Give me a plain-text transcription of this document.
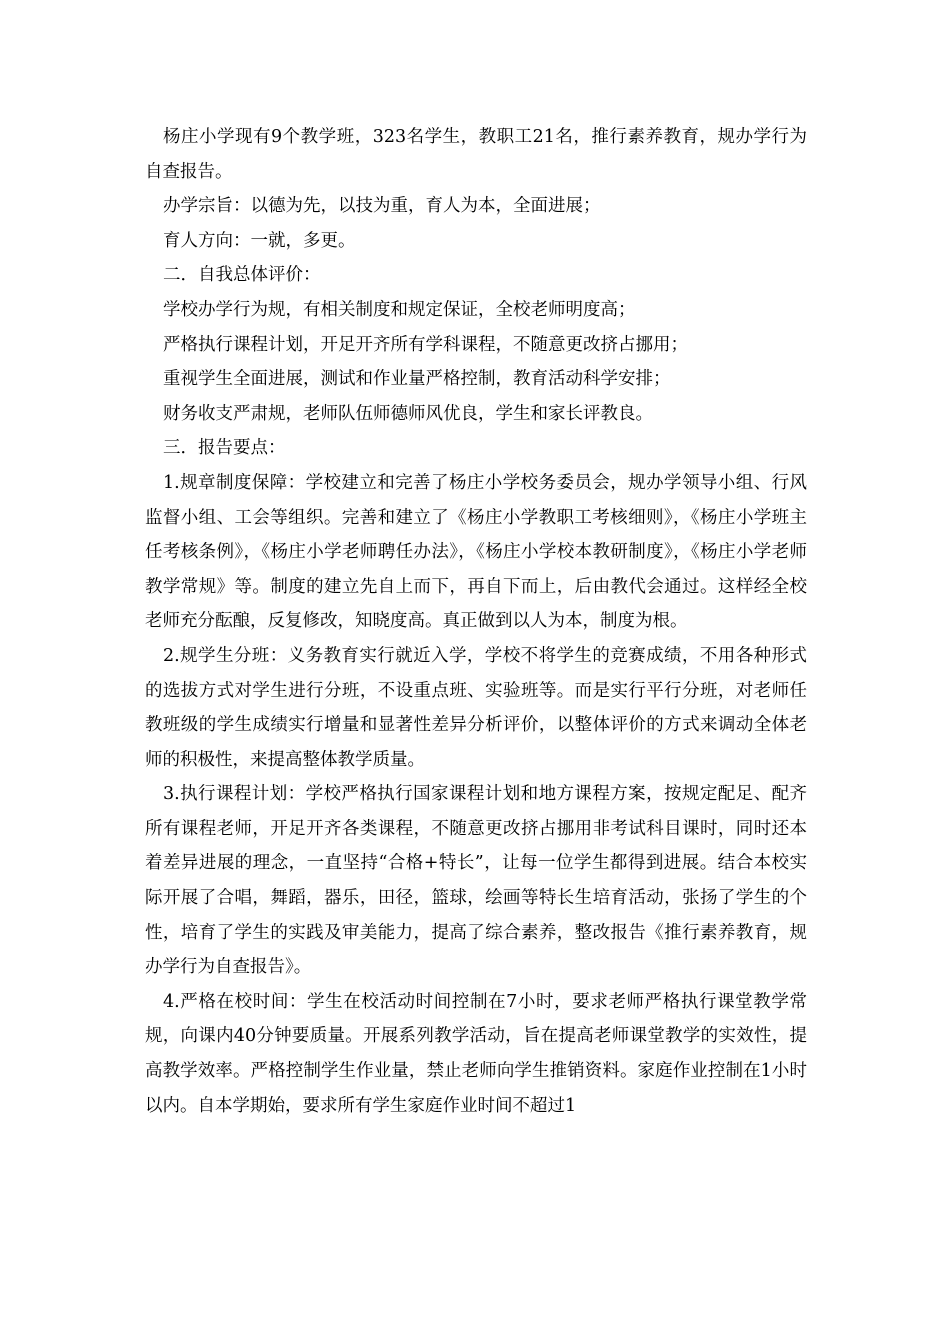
杨庄小学现有9个教学班，323名学生，教职工21名，推行素养教育，规办学行为自查报告。

办学宗旨：以德为先，以技为重，育人为本，全面进展；

育人方向：一就，多更。

二．自我总体评价：

学校办学行为规，有相关制度和规定保证，全校老师明度高；

严格执行课程计划，开足开齐所有学科课程，不随意更改挤占挪用；

重视学生全面进展，测试和作业量严格控制，教育活动科学安排；

财务收支严肃规，老师队伍师德师风优良，学生和家长评教良。

三．报告要点：

1.规章制度保障：学校建立和完善了杨庄小学校务委员会，规办学领导小组、行风监督小组、工会等组织。完善和建立了《杨庄小学教职工考核细则》，《杨庄小学班主任考核条例》，《杨庄小学老师聘任办法》，《杨庄小学校本教研制度》，《杨庄小学老师教学常规》等。制度的建立先自上而下，再自下而上，后由教代会通过。这样经全校老师充分酝酿，反复修改，知晓度高。真正做到以人为本，制度为根。

2.规学生分班：义务教育实行就近入学，学校不将学生的竞赛成绩，不用各种形式的选拔方式对学生进行分班，不设重点班、实验班等。而是实行平行分班，对老师任教班级的学生成绩实行增量和显著性差异分析评价，以整体评价的方式来调动全体老师的积极性，来提高整体教学质量。

3.执行课程计划：学校严格执行国家课程计划和地方课程方案，按规定配足、配齐所有课程老师，开足开齐各类课程，不随意更改挤占挪用非考试科目课时，同时还本着差异进展的理念，一直坚持“合格+特长”，让每一位学生都得到进展。结合本校实际开展了合唱，舞蹈，器乐，田径，篮球，绘画等特长生培育活动，张扬了学生的个性，培育了学生的实践及审美能力，提高了综合素养，整改报告《推行素养教育，规办学行为自查报告》。

4.严格在校时间：学生在校活动时间控制在7小时，要求老师严格执行课堂教学常规，向课内40分钟要质量。开展系列教学活动，旨在提高老师课堂教学的实效性，提高教学效率。严格控制学生作业量，禁止老师向学生推销资料。家庭作业控制在1小时以内。自本学期始，要求所有学生家庭作业时间不超过1
